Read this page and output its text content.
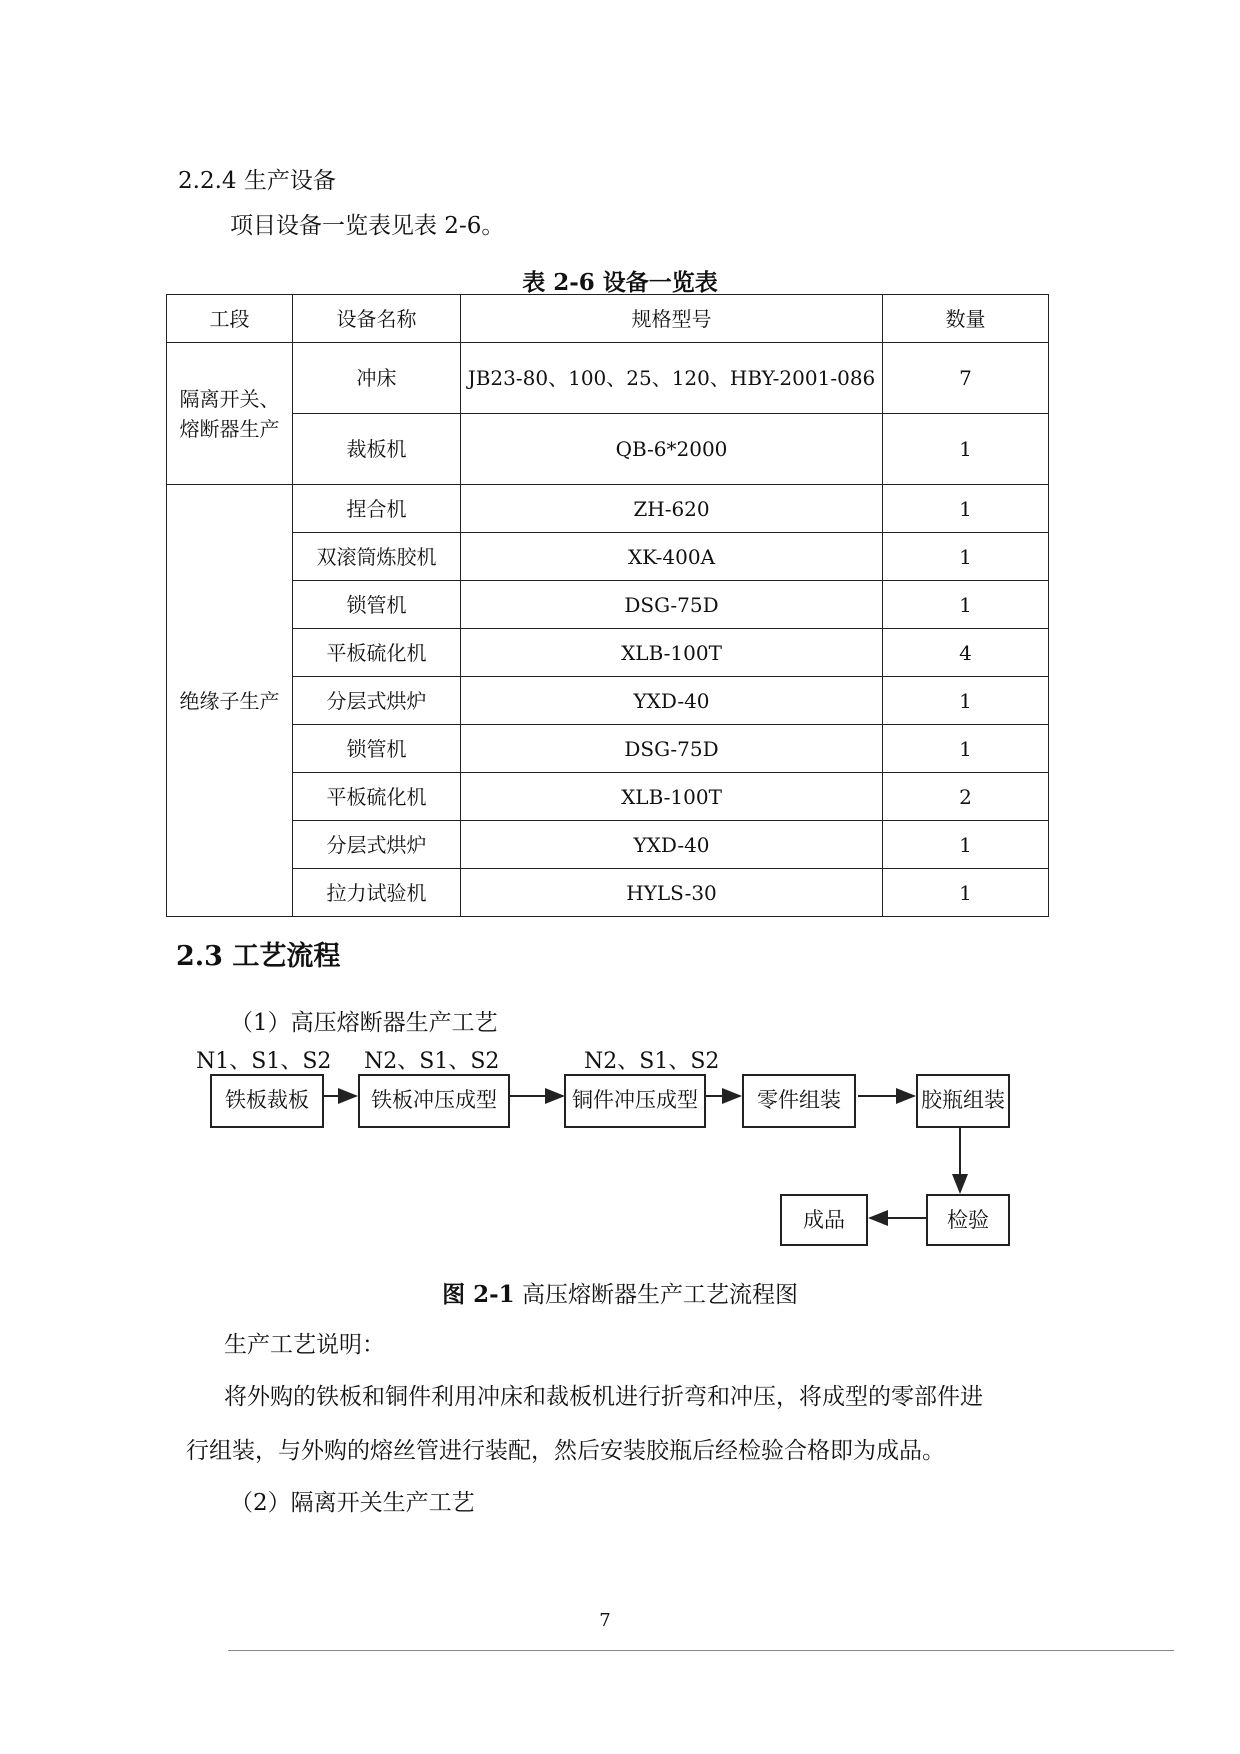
2.2.4 生产设备
项目设备一览表见表 2-6。
表 2-6 设备一览表
工段	设备名称	规格型号	数量
隔离开关、熔断器生产	冲床	JB23-80、100、25、120、HBY-2001-086	7
	裁板机	QB-6*2000	1
绝缘子生产	捏合机	ZH-620	1
	双滚筒炼胶机	XK-400A	1
	锁管机	DSG-75D	1
	平板硫化机	XLB-100T	4
	分层式烘炉	YXD-40	1
	锁管机	DSG-75D	1
	平板硫化机	XLB-100T	2
	分层式烘炉	YXD-40	1
	拉力试验机	HYLS-30	1
2.3 工艺流程
（1）高压熔断器生产工艺
N1、S1、S2 N2、S1、S2	N2、S1、S2
铁板裁板	铁板冲压成型	铜件冲压成型	零件组装	胶瓶组装
检验
成品
图 2-1 高压熔断器生产工艺流程图
生产工艺说明：
将外购的铁板和铜件利用冲床和裁板机进行折弯和冲压，将成型的零部件进
行组装，与外购的熔丝管进行装配，然后安装胶瓶后经检验合格即为成品。
（2）隔离开关生产工艺
7
